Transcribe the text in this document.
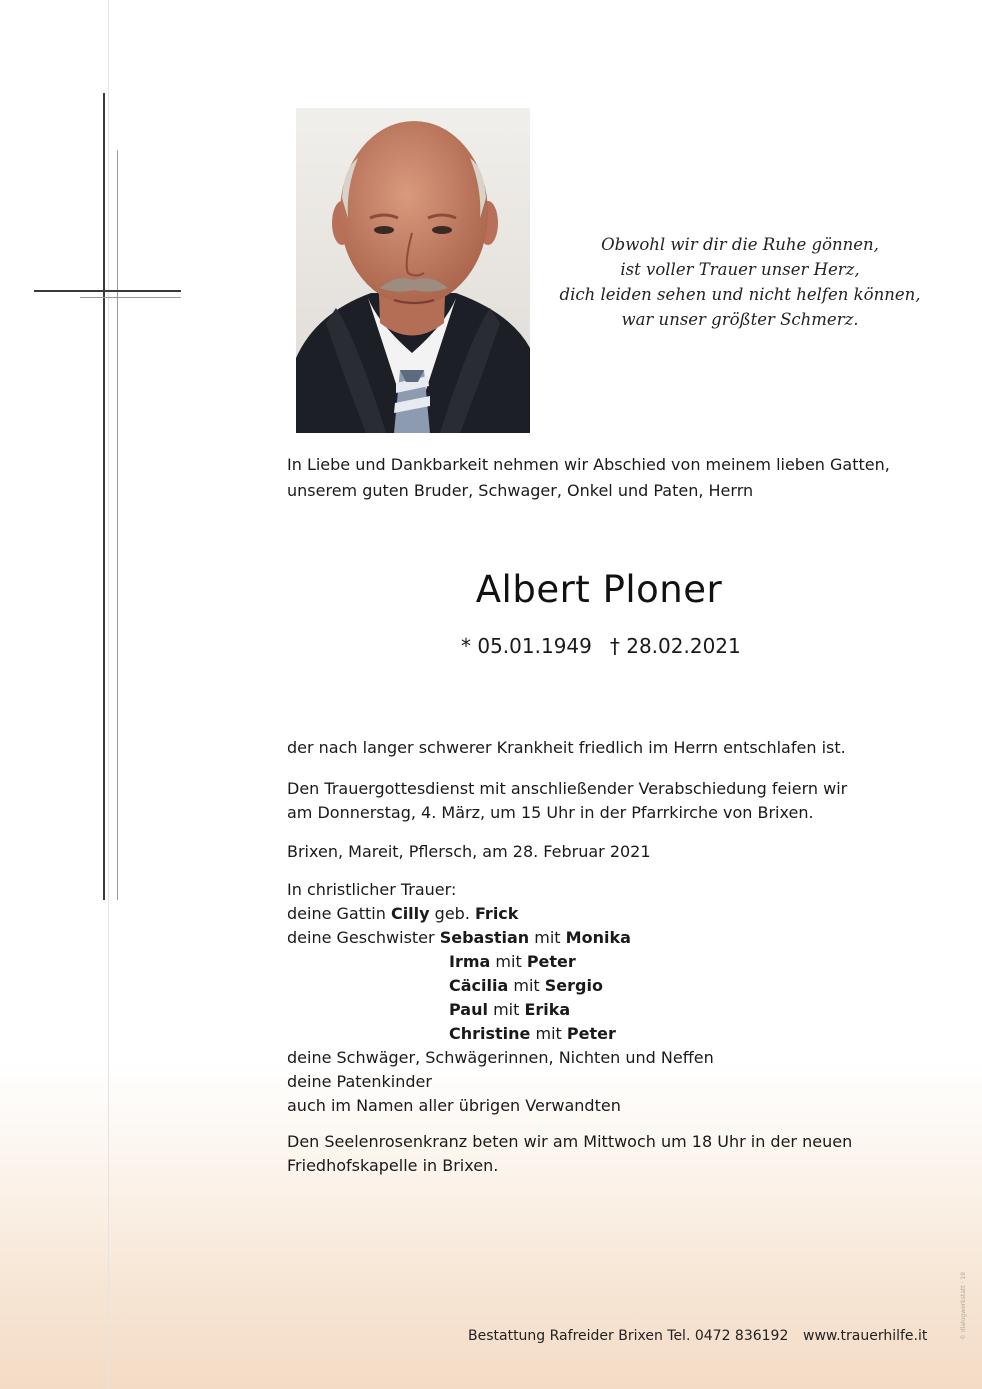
Obwohl wir dir die Ruhe gönnen,
ist voller Trauer unser Herz,
dich leiden sehen und nicht helfen können,
war unser größter Schmerz.
In Liebe und Dankbarkeit nehmen wir Abschied von meinem lieben Gatten,
unserem guten Bruder, Schwager, Onkel und Paten, Herrn
Albert Ploner
* 05.01.1949 † 28.02.2021
der nach langer schwerer Krankheit friedlich im Herrn entschlafen ist.
Den Trauergottesdienst mit anschließender Verabschiedung feiern wir
am Donnerstag, 4. März, um 15 Uhr in der Pfarrkirche von Brixen.
Brixen, Mareit, Pflersch, am 28. Februar 2021
In christlicher Trauer:
deine Gattin Cilly geb. Frick
deine Geschwister Sebastian mit Monika
Irma mit Peter
Cäcilia mit Sergio
Paul mit Erika
Christine mit Peter
deine Schwäger, Schwägerinnen, Nichten und Neffen
deine Patenkinder
auch im Namen aller übrigen Verwandten
Den Seelenrosenkranz beten wir am Mittwoch um 18 Uhr in der neuen
Friedhofskapelle in Brixen.
Bestattung Rafreider Brixen Tel. 0472 836192 www.trauerhilfe.it	© dialogwerkstatt · 19
